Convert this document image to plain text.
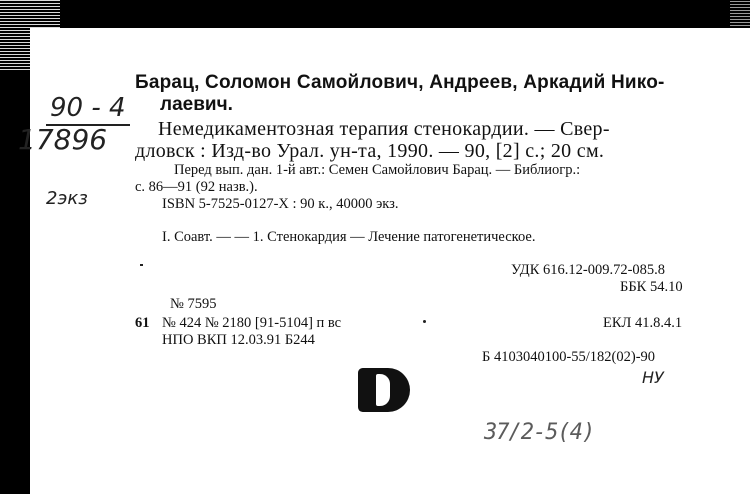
90 - 4
17896
2экз
Барац, Соломон Самойлович, Андреев, Аркадий Нико-
лаевич.
Немедикаментозная терапия стенокардии. — Свер-
дловск : Изд-во Урал. ун-та, 1990. — 90, [2] с.; 20 см.
Перед вып. дан. 1-й авт.: Семен Самойлович Барац. — Библиогр.:
с. 86—91 (92 назв.).
ISBN 5-7525-0127-X : 90 к., 40000 экз.
I. Соавт. — — 1. Стенокардия — Лечение патогенетическое.
УДК 616.12-009.72-085.8
ББК 54.10
№ 7595
61 № 424 № 2180 [91-5104] п вс	ЕКЛ 41.8.4.1
НПО ВКП 12.03.91 Б244
Б 4103040100-55/182(02)-90
НУ
37/2-5(4)
